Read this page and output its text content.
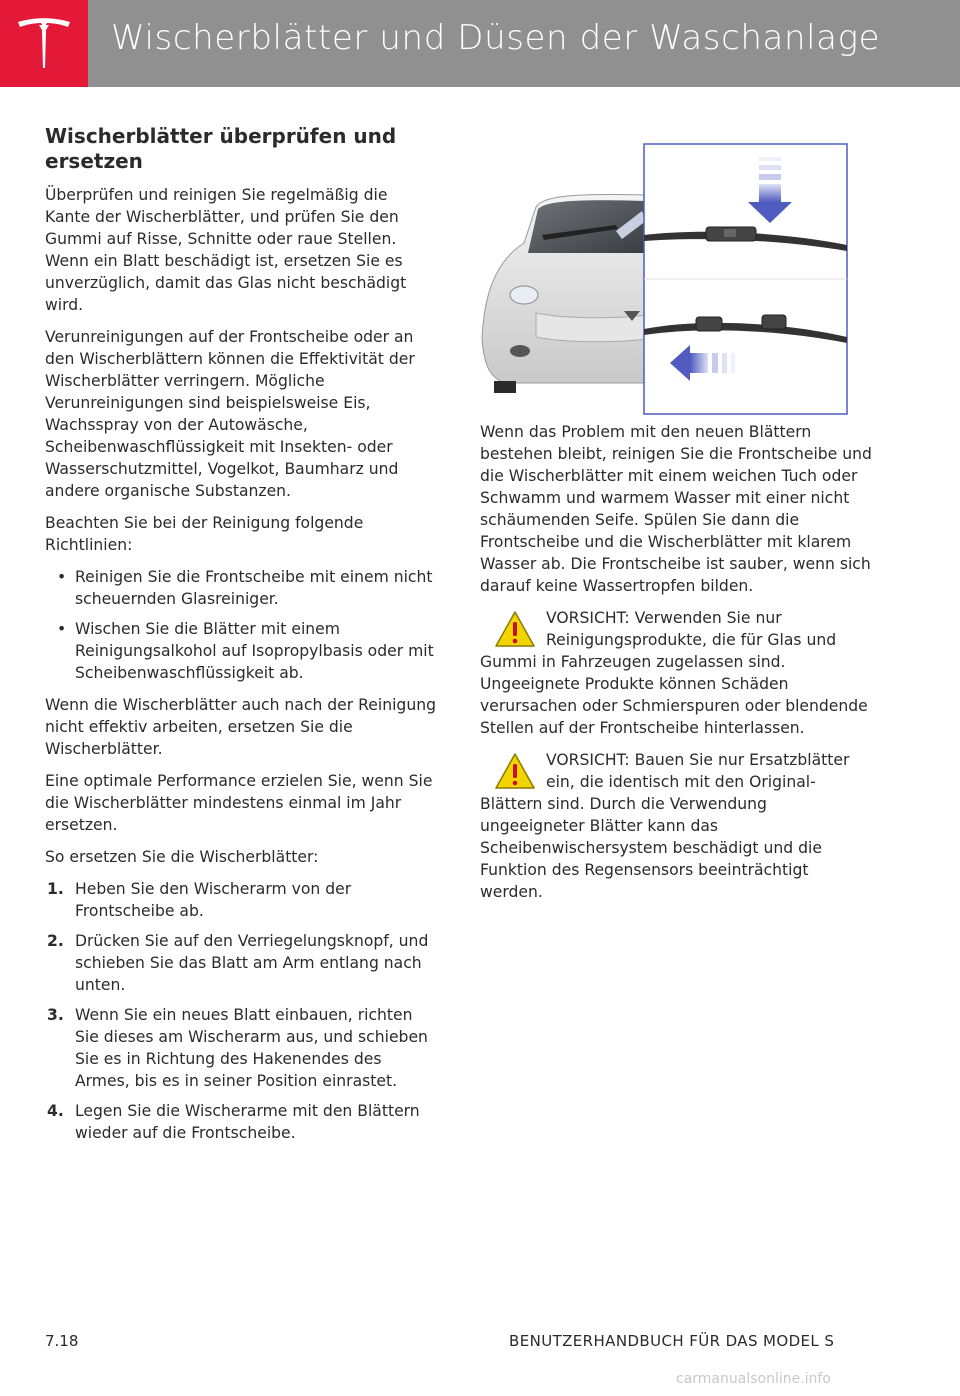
Wischerblätter und Düsen der Waschanlage
Wischerblätter überprüfen und ersetzen

Überprüfen und reinigen Sie regelmäßig die Kante der Wischerblätter, und prüfen Sie den Gummi auf Risse, Schnitte oder raue Stellen. Wenn ein Blatt beschädigt ist, ersetzen Sie es unverzüglich, damit das Glas nicht beschädigt wird.

Verunreinigungen auf der Frontscheibe oder an den Wischerblättern können die Effektivität der Wischerblätter verringern. Mögliche Verunreinigungen sind beispielsweise Eis, Wachsspray von der Autowäsche, Scheibenwaschflüssigkeit mit Insekten- oder Wasserschutzmittel, Vogelkot, Baumharz und andere organische Substanzen.

Beachten Sie bei der Reinigung folgende Richtlinien:

• Reinigen Sie die Frontscheibe mit einem nicht scheuernden Glasreiniger.
• Wischen Sie die Blätter mit einem Reinigungsalkohol auf Isopropylbasis oder mit Scheibenwaschflüssigkeit ab.

Wenn die Wischerblätter auch nach der Reinigung nicht effektiv arbeiten, ersetzen Sie die Wischerblätter.

Eine optimale Performance erzielen Sie, wenn Sie die Wischerblätter mindestens einmal im Jahr ersetzen.

So ersetzen Sie die Wischerblätter:

1. Heben Sie den Wischerarm von der Frontscheibe ab.
2. Drücken Sie auf den Verriegelungsknopf, und schieben Sie das Blatt am Arm entlang nach unten.
3. Wenn Sie ein neues Blatt einbauen, richten Sie dieses am Wischerarm aus, und schieben Sie es in Richtung des Hakenendes des Armes, bis es in seiner Position einrastet.
4. Legen Sie die Wischerarme mit den Blättern wieder auf die Frontscheibe.

Wenn das Problem mit den neuen Blättern bestehen bleibt, reinigen Sie die Frontscheibe und die Wischerblätter mit einem weichen Tuch oder Schwamm und warmem Wasser mit einer nicht schäumenden Seife. Spülen Sie dann die Frontscheibe und die Wischerblätter mit klarem Wasser ab. Die Frontscheibe ist sauber, wenn sich darauf keine Wassertropfen bilden.

VORSICHT: Verwenden Sie nur Reinigungsprodukte, die für Glas und Gummi in Fahrzeugen zugelassen sind. Ungeeignete Produkte können Schäden verursachen oder Schmierspuren oder blendende Stellen auf der Frontscheibe hinterlassen.
VORSICHT: Bauen Sie nur Ersatzblätter ein, die identisch mit den Original-Blättern sind. Durch die Verwendung ungeeigneter Blätter kann das Scheibenwischersystem beschädigt und die Funktion des Regensensors beeinträchtigt werden.
7.18	BENUTZERHANDBUCH FÜR DAS MODEL S
carmanualsonline.info
